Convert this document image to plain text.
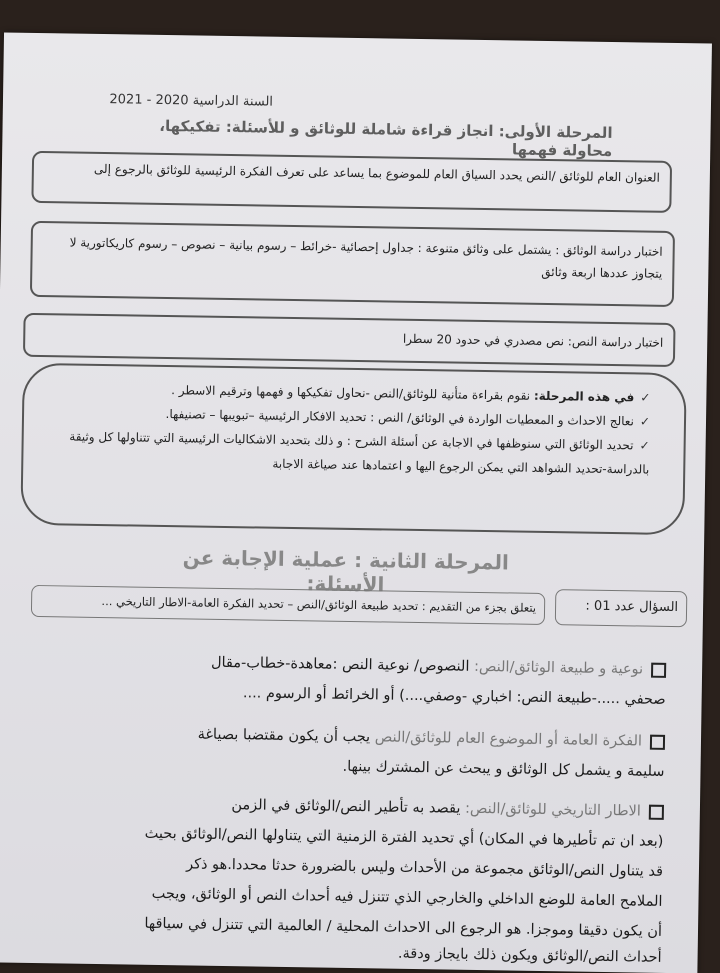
السنة الدراسية 2020 - 2021
المرحلة الأولى: انجاز قراءة شاملة للوثائق و للأسئلة: تفكيكها، محاولة فهمها
العنوان العام للوثائق /النص يحدد السياق العام للموضوع بما يساعد على تعرف الفكرة الرئيسية للوثائق بالرجوع إلى
اختبار دراسة الوثائق : يشتمل على وثائق متنوعة : جداول إحصائية -خرائط – رسوم بيانية – نصوص – رسوم كاريكاتورية لا
يتجاوز عددها اربعة وثائق
اختبار دراسة النص: نص مصدري في حدود 20 سطرا
✓في هذه المرحلة: نقوم بقراءة متأنية للوثائق/النص -نحاول تفكيكها و فهمها وترقيم الاسطر .
✓نعالج الاحداث و المعطيات الواردة في الوثائق/ النص : تحديد الافكار الرئيسية –تبويبها – تصنيفها.
✓تحديد الوثائق التي سنوظفها في الاجابة عن أسئلة الشرح : و ذلك بتحديد الاشكاليات الرئيسية التي تتناولها كل وثيقة
بالدراسة-تحديد الشواهد التي يمكن الرجوع اليها و اعتمادها عند صياغة الاجابة
المرحلة الثانية : عملية الإجابة عن الأسئلة:
السؤال عدد 01 :
يتعلق بجزء من التقديم : تحديد طبيعة الوثائق/النص – تحديد الفكرة العامة-الاطار التاريخي ...
نوعية و طبيعة الوثائق/النص: النصوص/ نوعية النص :معاهدة-خطاب-مقال
صحفي .....-طبيعة النص: اخباري -وصفي....) أو الخرائط أو الرسوم ....
الفكرة العامة أو الموضوع العام للوثائق/النص يجب أن يكون مقتضبا بصياغة
سليمة و يشمل كل الوثائق و يبحث عن المشترك بينها.
الاطار التاريخي للوثائق/النص: يقصد به تأطير النص/الوثائق في الزمن
(بعد ان تم تأطيرها في المكان) أي تحديد الفترة الزمنية التي يتناولها النص/الوثائق بحيث
قد يتناول النص/الوثائق مجموعة من الأحداث وليس بالضرورة حدثا محددا.هو ذكر
الملامح العامة للوضع الداخلي والخارجي الذي تتنزل فيه أحداث النص أو الوثائق، ويجب
أن يكون دقيقا وموجزا. هو الرجوع الى الاحداث المحلية / العالمية التي تتنزل في سياقها
أحداث النص/الوثائق ويكون ذلك بايجاز ودقة.
